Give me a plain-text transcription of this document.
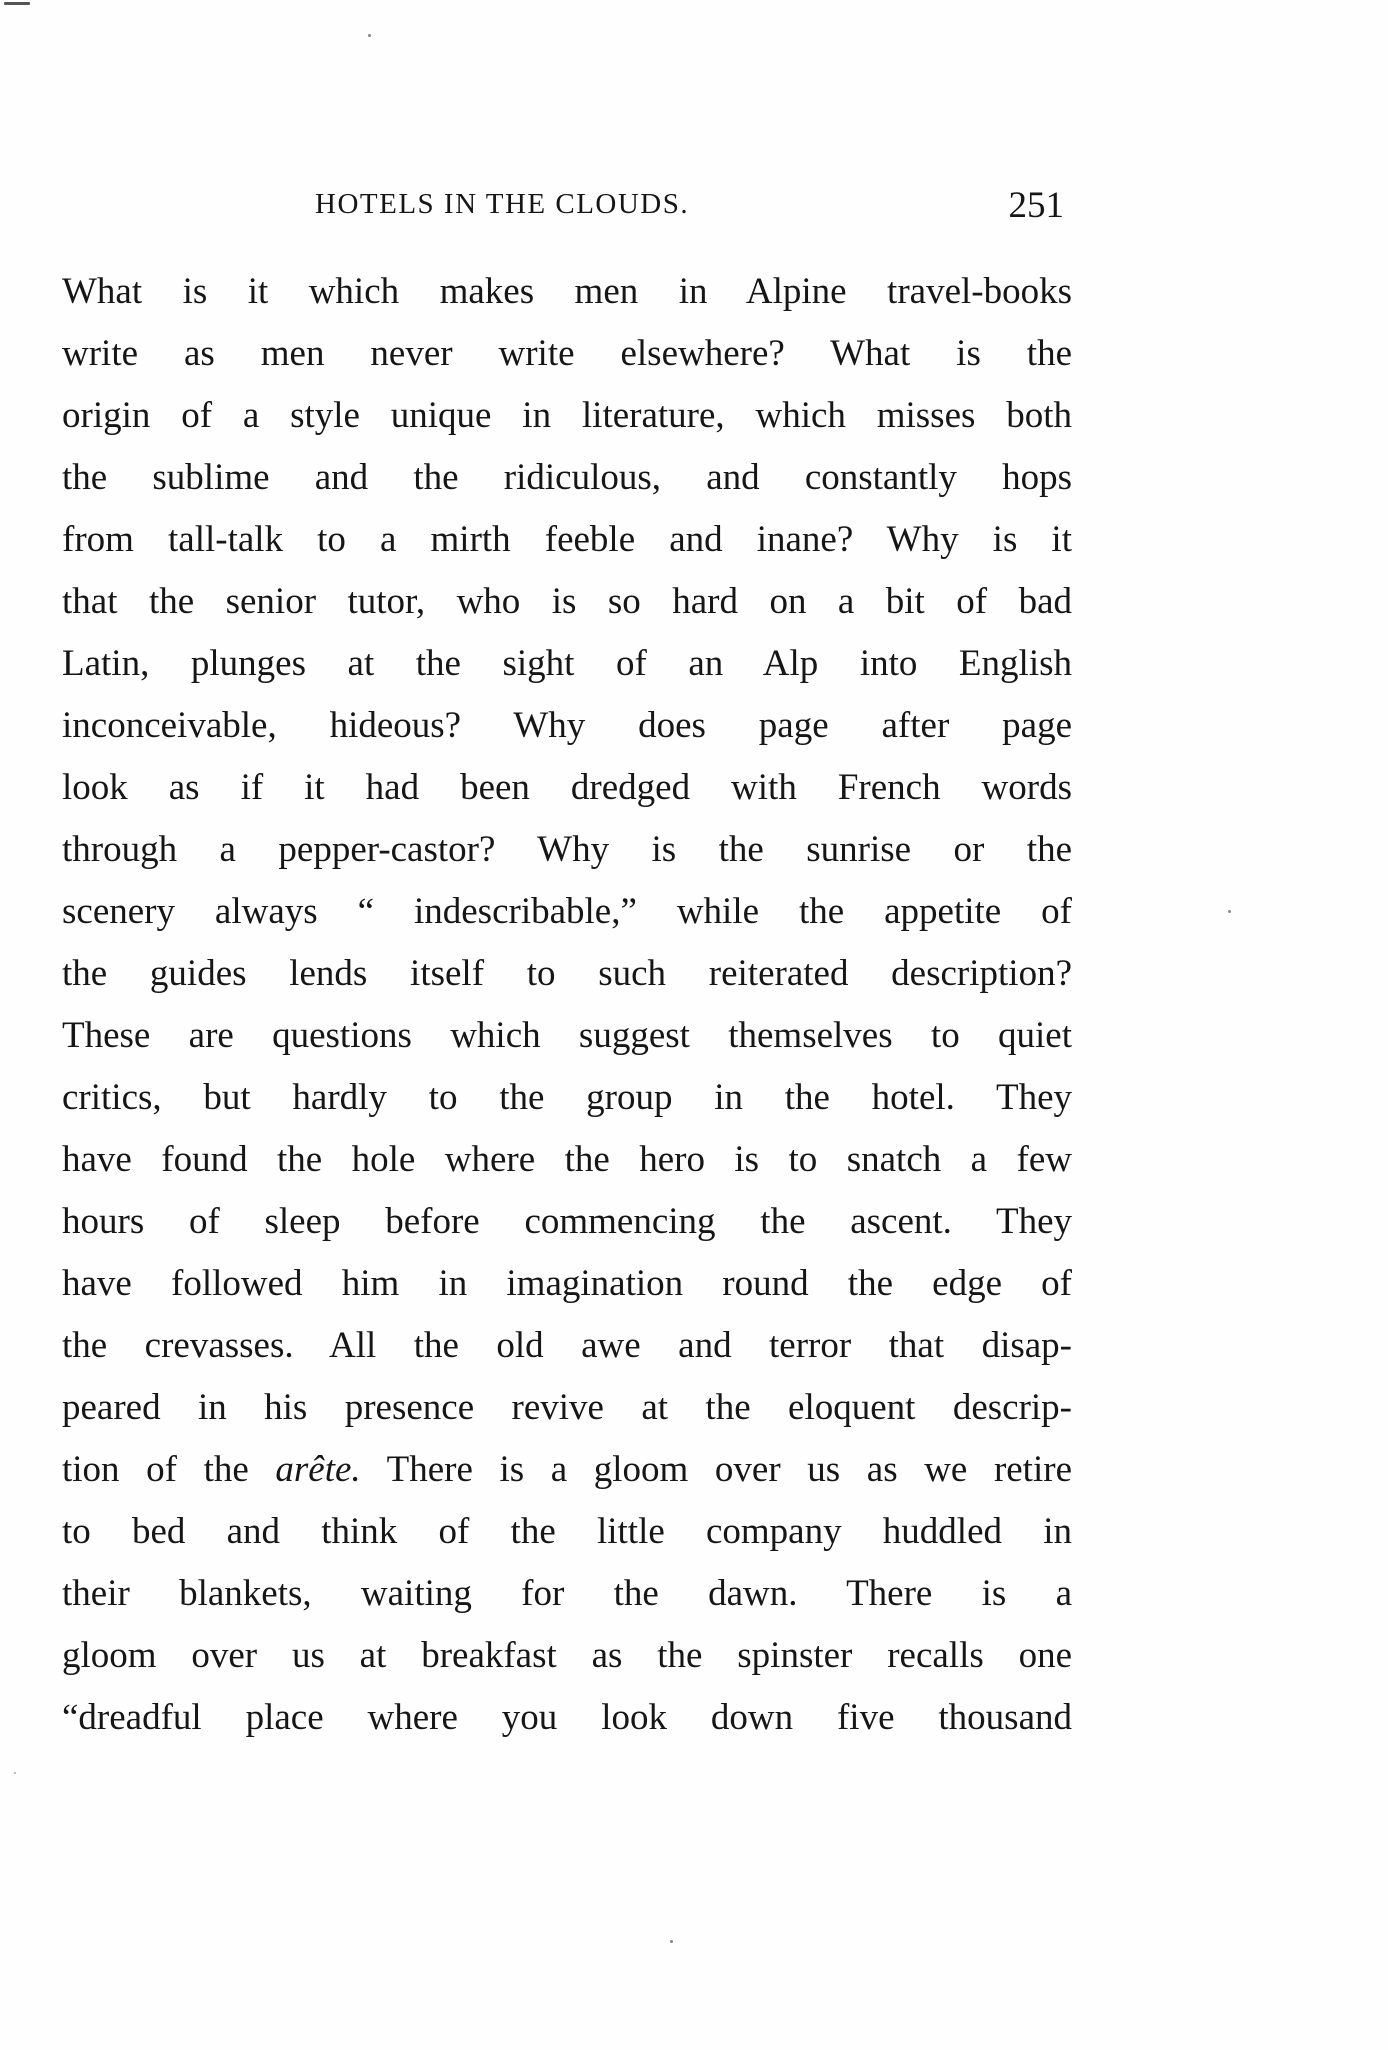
HOTELS IN THE CLOUDS.	251
What is it which makes men in Alpine travel-books
write as men never write elsewhere? What is the
origin of a style unique in literature, which misses both
the sublime and the ridiculous, and constantly hops
from tall-talk to a mirth feeble and inane? Why is it
that the senior tutor, who is so hard on a bit of bad
Latin, plunges at the sight of an Alp into English
inconceivable, hideous? Why does page after page
look as if it had been dredged with French words
through a pepper-castor? Why is the sunrise or the
scenery always “ indescribable,” while the appetite of
the guides lends itself to such reiterated description?
These are questions which suggest themselves to quiet
critics, but hardly to the group in the hotel. They
have found the hole where the hero is to snatch a few
hours of sleep before commencing the ascent. They
have followed him in imagination round the edge of
the crevasses. All the old awe and terror that disap-
peared in his presence revive at the eloquent descrip-
tion of the arête. There is a gloom over us as we retire
to bed and think of the little company huddled in
their blankets, waiting for the dawn. There is a
gloom over us at breakfast as the spinster recalls one
“dreadful place where you look down five thousand
